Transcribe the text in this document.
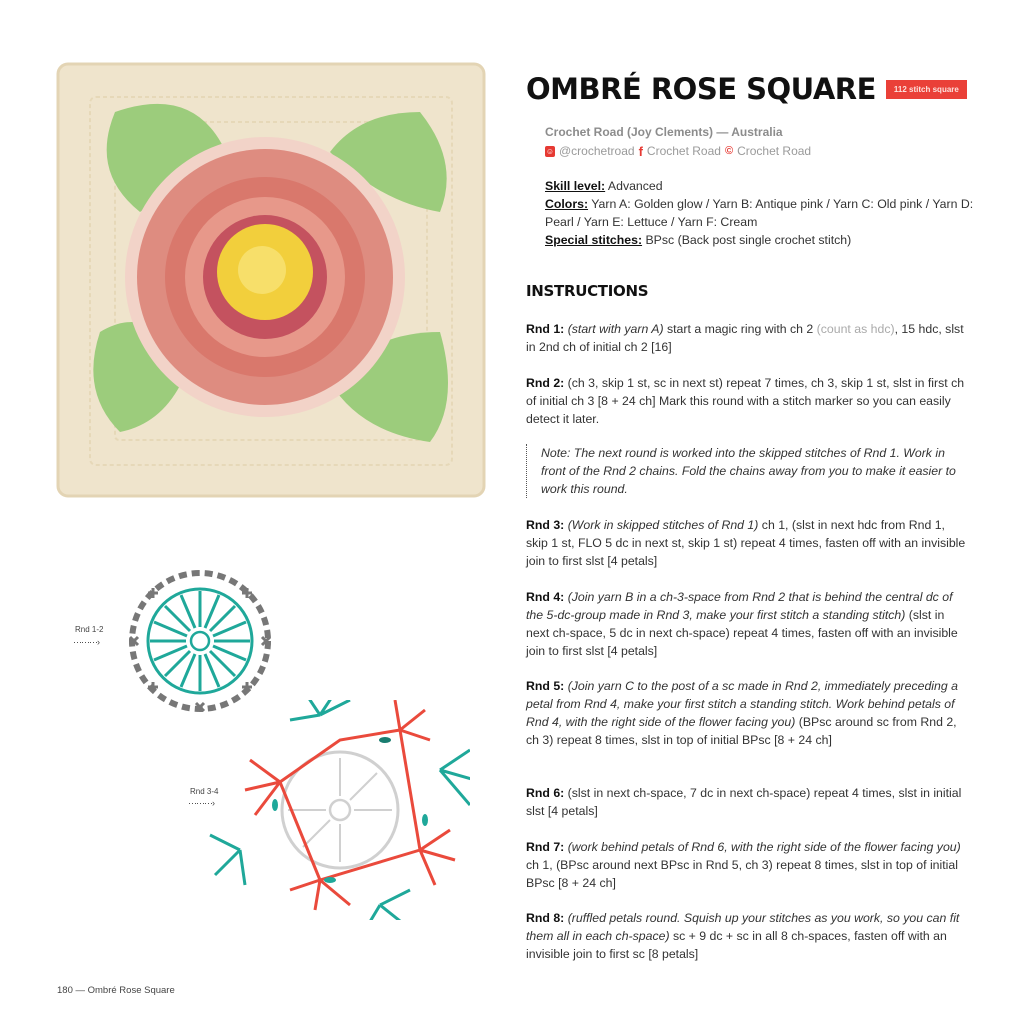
Rnd 1-2
⋯⋯⋯›
Rnd 3-4
⋯⋯⋯›
OMBRÉ ROSE SQUARE	112 stitch square
Crochet Road (Joy Clements) — Australia
☺ @crochetroad f Crochet Road © Crochet Road
Skill level: Advanced
Colors: Yarn A: Golden glow / Yarn B: Antique pink / Yarn C: Old pink / Yarn D: Pearl / Yarn E: Lettuce / Yarn F: Cream
Special stitches: BPsc (Back post single crochet stitch)
INSTRUCTIONS
Rnd 1: (start with yarn A) start a magic ring with ch 2 (count as hdc), 15 hdc, slst in 2nd ch of initial ch 2 [16]
Rnd 2: (ch 3, skip 1 st, sc in next st) repeat 7 times, ch 3, skip 1 st, slst in first ch of initial ch 3 [8 + 24 ch] Mark this round with a stitch marker so you can easily detect it later.
Note: The next round is worked into the skipped stitches of Rnd 1. Work in front of the Rnd 2 chains. Fold the chains away from you to make it easier to work this round.
Rnd 3: (Work in skipped stitches of Rnd 1) ch 1, (slst in next hdc from Rnd 1, skip 1 st, FLO 5 dc in next st, skip 1 st) repeat 4 times, fasten off with an invisible join to first slst [4 petals]
Rnd 4: (Join yarn B in a ch-3-space from Rnd 2 that is behind the central dc of the 5-dc-group made in Rnd 3, make your first stitch a standing stitch) (slst in next ch-space, 5 dc in next ch-space) repeat 4 times, fasten off with an invisible join to first slst [4 petals]
Rnd 5: (Join yarn C to the post of a sc made in Rnd 2, immediately preceding a petal from Rnd 4, make your first stitch a standing stitch. Work behind petals of Rnd 4, with the right side of the flower facing you) (BPsc around sc from Rnd 2, ch 3) repeat 8 times, slst in top of initial BPsc [8 + 24 ch]
Rnd 6: (slst in next ch-space, 7 dc in next ch-space) repeat 4 times, slst in initial slst [4 petals]
Rnd 7: (work behind petals of Rnd 6, with the right side of the flower facing you) ch 1, (BPsc around next BPsc in Rnd 5, ch 3) repeat 8 times, slst in top of initial BPsc [8 + 24 ch]
Rnd 8: (ruffled petals round. Squish up your stitches as you work, so you can fit them all in each ch-space) sc + 9 dc + sc in all 8 ch-spaces, fasten off with an invisible join to first sc [8 petals]
180 — Ombré Rose Square
